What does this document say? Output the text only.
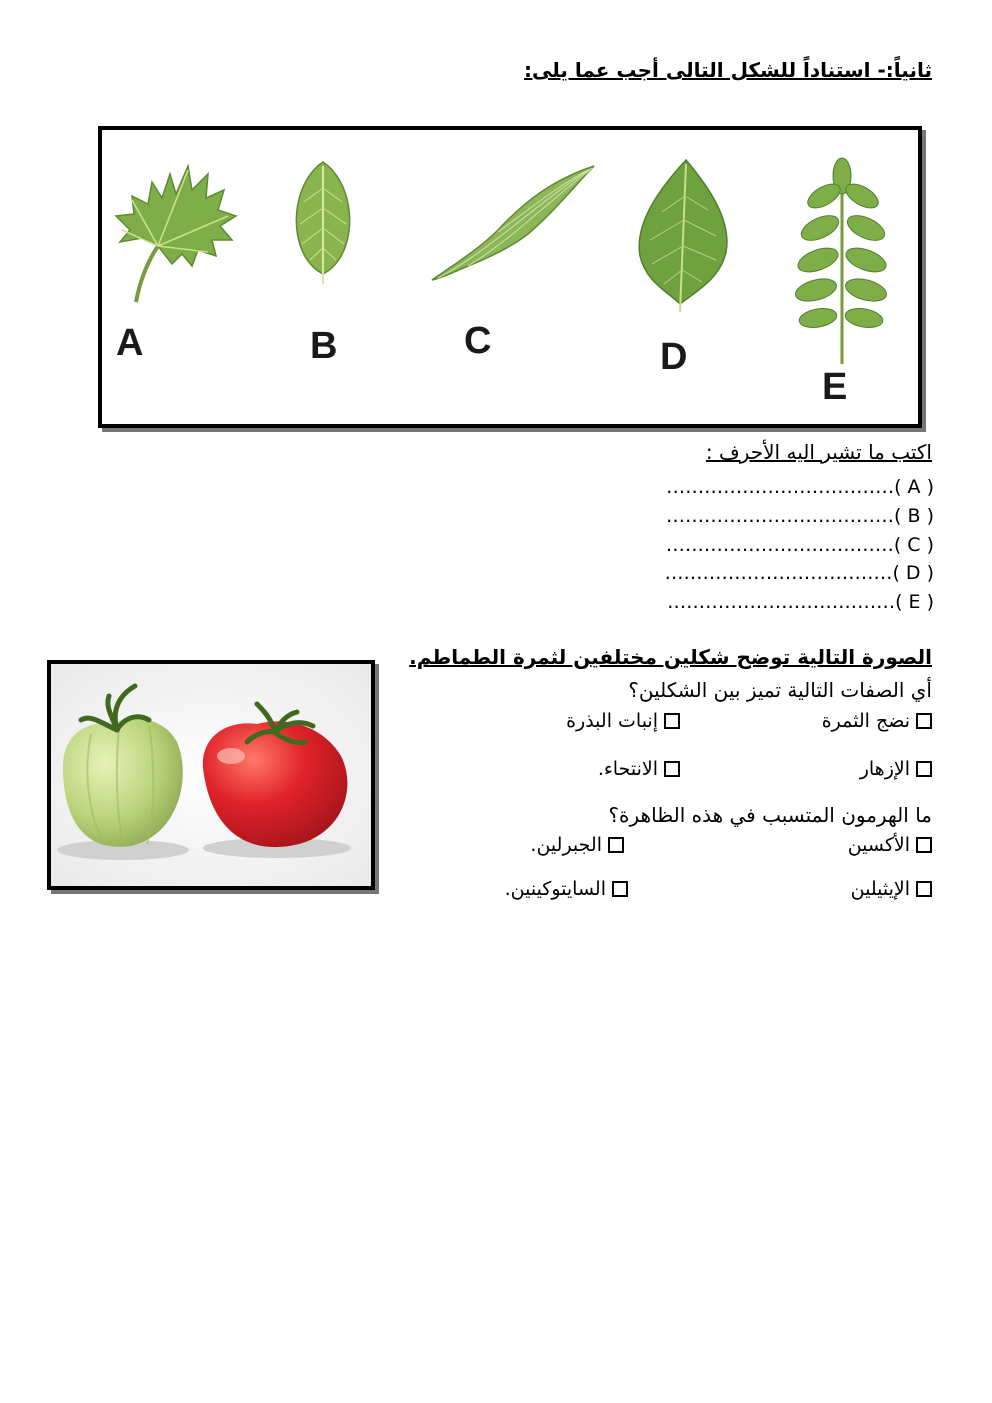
ثانياً:- استناداً للشكل التالى أجب عما يلى:
A	B	C	D
E
اكتب ما تشير اليه الأحرف :
………………………………( A )
………………………………( B )
………………………………( C )
………………………………( D )
………………………………( E )
الصورة التالية توضح شكلين مختلفين لثمرة الطماطم.
أي الصفات التالية تميز بين الشكلين؟
نضج الثمرة
إنبات البذرة
الإزهار
الانتحاء.
ما الهرمون المتسبب في هذه الظاهرة؟
الأكسين
الجبرلين.
الإيثيلين
السايتوكينين.
